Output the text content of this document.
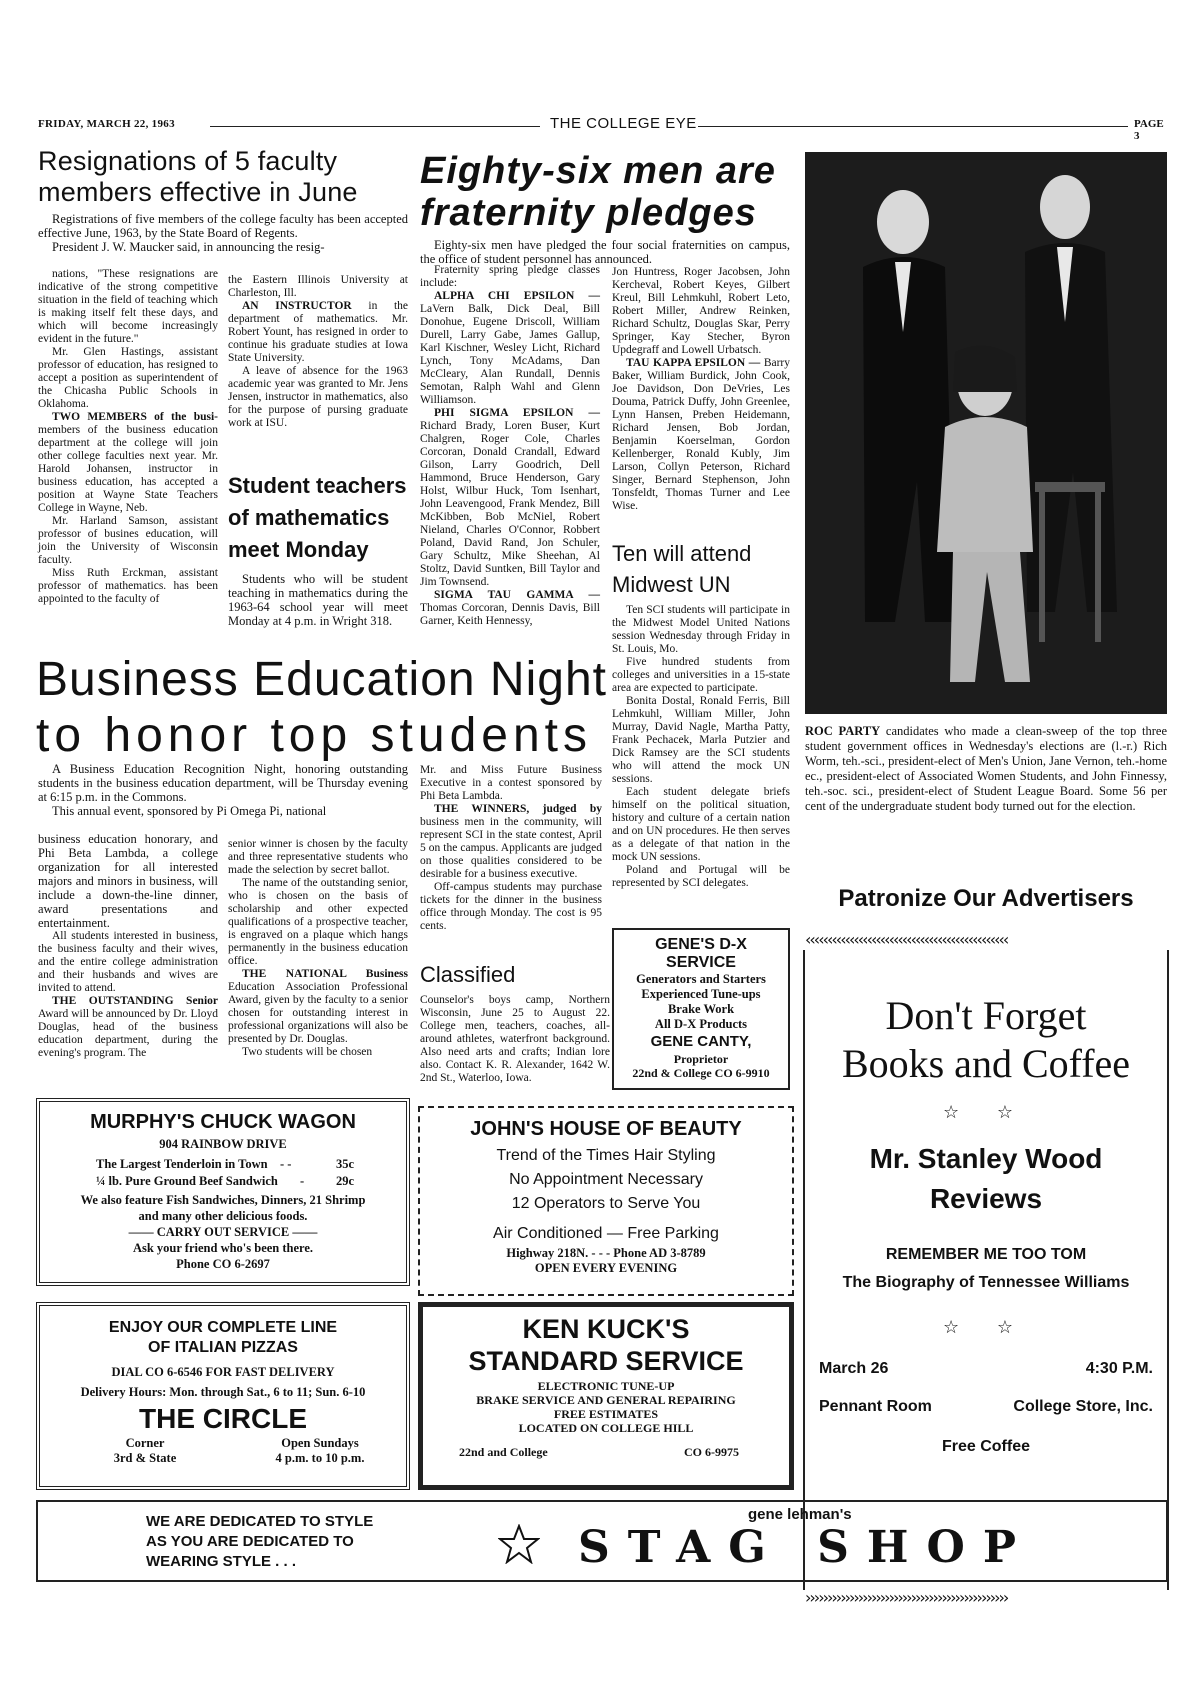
FRIDAY, MARCH 22, 1963	THE COLLEGE EYE	PAGE 3
Resignations of 5 faculty members effective in June

Registrations of five members of the college faculty has been accepted effective June, 1963, by the State Board of Regents.

President J. W. Maucker said, in announcing the resig-

nations, "These resignations are indicative of the strong competitive situation in the field of teaching which is making itself felt these days, and which will become increasingly evident in the future."

Mr. Glen Hastings, assistant professor of education, has resigned to accept a position as superintendent of the Chicasha Public Schools in Oklahoma.

TWO MEMBERS of the busi- members of the business education department at the college will join other college faculties next year. Mr. Harold Johansen, instructor in business education, has accepted a position at Wayne State Teachers College in Wayne, Neb.

Mr. Harland Samson, assistant professor of busines education, will join the University of Wisconsin faculty.

Miss Ruth Erckman, assistant professor of mathematics. has been appointed to the faculty of

the Eastern Illinois University at Charleston, Ill.

AN INSTRUCTOR in the department of mathematics. Mr. Robert Yount, has resigned in order to continue his graduate studies at Iowa State University.

A leave of absence for the 1963 academic year was granted to Mr. Jens Jensen, instructor in mathematics, also for the purpose of pursing graduate work at ISU.

Student teachers
of mathematics
meet Monday

Students who will be student teaching in mathematics during the 1963-64 school year will meet Monday at 4 p.m. in Wright 318.

Eighty-six men are
fraternity pledges

Eighty-six men have pledged the four social fraternities on campus, the office of student personnel has announced.

Fraternity spring pledge classes include:

ALPHA CHI EPSILON — LaVern Balk, Dick Deal, Bill Donohue, Eugene Driscoll, William Durell, Larry Gabe, James Gallup, Karl Kischner, Wesley Licht, Richard Lynch, Tony McAdams, Dan McCleary, Alan Rundall, Dennis Semotan, Ralph Wahl and Glenn Williamson.

PHI SIGMA EPSILON — Richard Brady, Loren Buser, Kurt Chalgren, Roger Cole, Charles Corcoran, Donald Crandall, Edward Gilson, Larry Goodrich, Dell Hammond, Bruce Henderson, Gary Holst, Wilbur Huck, Tom Isenhart, John Leavengood, Frank Mendez, Bill McKibben, Bob McNiel, Robert Nieland, Charles O'Connor, Robbert Poland, David Rand, Jon Schuler, Gary Schultz, Mike Sheehan, Al Stoltz, David Suntken, Bill Taylor and Jim Townsend.

SIGMA TAU GAMMA — Thomas Corcoran, Dennis Davis, Bill Garner, Keith Hennessy,

Jon Huntress, Roger Jacobsen, John Kercheval, Robert Keyes, Gilbert Kreul, Bill Lehmkuhl, Robert Leto, Robert Miller, Andrew Reinken, Richard Schultz, Douglas Skar, Perry Springer, Kay Stecher, Byron Updegraff and Lowell Urbatsch.

TAU KAPPA EPSILON — Barry Baker, William Burdick, John Cook, Joe Davidson, Don DeVries, Les Douma, Patrick Duffy, John Greenlee, Lynn Hansen, Preben Heidemann, Richard Jensen, Bob Jordan, Benjamin Koerselman, Gordon Kellenberger, Ronald Kubly, Jim Larson, Collyn Peterson, Richard Singer, Bernard Stephenson, John Tonsfeldt, Thomas Turner and Lee Wise.

Ten will attend
Midwest UN

Ten SCI students will participate in the Midwest Model United Nations session Wednesday through Friday in St. Louis, Mo.

Five hundred students from colleges and universities in a 15-state area are expected to participate.

Bonita Dostal, Ronald Ferris, Bill Lehmkuhl, William Miller, John Murray, David Nagle, Martha Patty, Frank Pechacek, Marla Putzier and Dick Ramsey are the SCI students who will attend the mock UN sessions.

Each student delegate briefs himself on the political situation, history and culture of a certain nation and on UN procedures. He then serves as a delegate of that nation in the mock UN sessions.

Poland and Portugal will be represented by SCI delegates.

ROC PARTY candidates who made a clean-sweep of the top three student government offices in Wednesday's elections are (l.-r.) Rich Worm, teh.-sci., president-elect of Men's Union, Jane Vernon, teh.-home ec., president-elect of Associated Women Students, and John Finnessy, teh.-soc. sci., president-elect of Student League Board. Some 56 per cent of the undergraduate student body turned out for the election.
Business Education Night
to honor top students

A Business Education Recognition Night, honoring outstanding students in the business education department, will be Thursday evening at 6:15 p.m. in the Commons.

This annual event, sponsored by Pi Omega Pi, national

business education honorary, and Phi Beta Lambda, a college organization for all interested majors and minors in business, will include a down-the-line dinner, award presentations and entertainment.

All students interested in business, the business faculty and their wives, and the entire college administration and their husbands and wives are invited to attend.

THE OUTSTANDING Senior Award will be announced by Dr. Lloyd Douglas, head of the business education department, during the evening's program. The

senior winner is chosen by the faculty and three representative students who made the selection by secret ballot.

The name of the outstanding senior, who is chosen on the basis of scholarship and other expected qualifications of a prospective teacher, is engraved on a plaque which hangs permanently in the business education office.

THE NATIONAL Business Education Association Professional Award, given by the faculty to a senior chosen for outstanding interest in professional organizations will also be presented by Dr. Douglas.

Two students will be chosen

Mr. and Miss Future Business Executive in a contest sponsored by Phi Beta Lambda.

THE WINNERS, judged by business men in the community, will represent SCI in the state contest, April 5 on the campus. Applicants are judged on those qualities considered to be desirable for a business executive.

Off-campus students may purchase tickets for the dinner in the business office through Monday. The cost is 95 cents.

Classified

Counselor's boys camp, Northern Wisconsin, June 25 to August 22. College men, teachers, coaches, all-around athletes, waterfront background. Also need arts and crafts; Indian lore also. Contact K. R. Alexander, 1642 W. 2nd St., Waterloo, Iowa.

GENE'S D-X
SERVICE
Generators and Starters
Experienced Tune-ups
Brake Work
All D-X Products
GENE CANTY,
Proprietor
22nd & College CO 6-9910
Patronize Our Advertisers
‹‹‹‹‹‹‹‹‹‹‹‹‹‹‹‹‹‹‹‹‹‹‹‹‹‹‹‹‹‹‹‹‹‹‹‹‹‹‹‹‹‹‹‹‹‹
Don't Forget
Books and Coffee
☆ ☆
Mr. Stanley Wood
Reviews
REMEMBER ME TOO TOM
The Biography of Tennessee Williams
☆ ☆
March 26	4:30 P.M.
Pennant Room	College Store, Inc.
Free Coffee
››››››››››››››››››››››››››››››››››››››››››››››
MURPHY'S CHUCK WAGON
904 RAINBOW DRIVE
The Largest Tenderloin in Town - -	35c
¼ lb. Pure Ground Beef Sandwich -	29c
We also feature Fish Sandwiches, Dinners, 21 Shrimp
and many other delicious foods.
—— CARRY OUT SERVICE ——
Ask your friend who's been there.
Phone CO 6-2697
JOHN'S HOUSE OF BEAUTY
Trend of the Times Hair Styling
No Appointment Necessary
12 Operators to Serve You
Air Conditioned — Free Parking
Highway 218N. - - - Phone AD 3-8789
OPEN EVERY EVENING
ENJOY OUR COMPLETE LINE
OF ITALIAN PIZZAS
DIAL CO 6-6546 FOR FAST DELIVERY
Delivery Hours: Mon. through Sat., 6 to 11; Sun. 6-10
THE CIRCLE
Corner
3rd & State
Open Sundays
4 p.m. to 10 p.m.
KEN KUCK'S
STANDARD SERVICE
ELECTRONIC TUNE-UP
BRAKE SERVICE AND GENERAL REPAIRING
FREE ESTIMATES
LOCATED ON COLLEGE HILL
22nd and College	CO 6-9975
WE ARE DEDICATED TO STYLE
AS YOU ARE DEDICATED TO
WEARING STYLE . . .
gene lehman's
STAG SHOP
